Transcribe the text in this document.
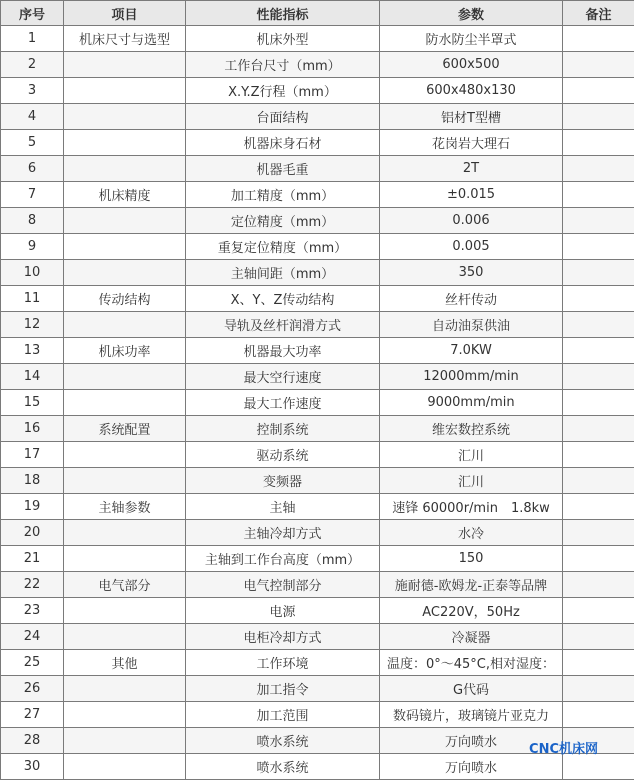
序号	项目	性能指标	参数	备注
1	机床尺寸与选型	机床外型	防水防尘半罩式	
2		工作台尺寸（mm）	600x500	
3		X.Y.Z行程（mm）	600x480x130	
4		台面结构	铝材T型槽	
5		机器床身石材	花岗岩大理石	
6		机器毛重	2T	
7	机床精度	加工精度（mm）	±0.015	
8		定位精度（mm）	0.006	
9		重复定位精度（mm）	0.005	
10		主轴间距（mm）	350	
11	传动结构	X、Y、Z传动结构	丝杆传动	
12		导轨及丝杆润滑方式	自动油泵供油	
13	机床功率	机器最大功率	7.0KW	
14		最大空行速度	12000mm/min	
15		最大工作速度	9000mm/min	
16	系统配置	控制系统	维宏数控系统	
17		驱动系统	汇川	
18		变频器	汇川	
19	主轴参数	主轴	速锋 60000r/min　1.8kw	
20		主轴冷却方式	水冷	
21		主轴到工作台高度（mm）	150	
22	电气部分	电气控制部分	施耐德-欧姆龙-正泰等品牌	
23		电源	AC220V，50Hz	
24		电柜冷却方式	冷凝器	
25	其他	工作环境	温度：0°～45°C,相对湿度：	
26		加工指令	G代码	
27		加工范围	数码镜片，玻璃镜片亚克力	
28		喷水系统	万向喷水	
30		喷水系统	万向喷水	
CNC机床网
